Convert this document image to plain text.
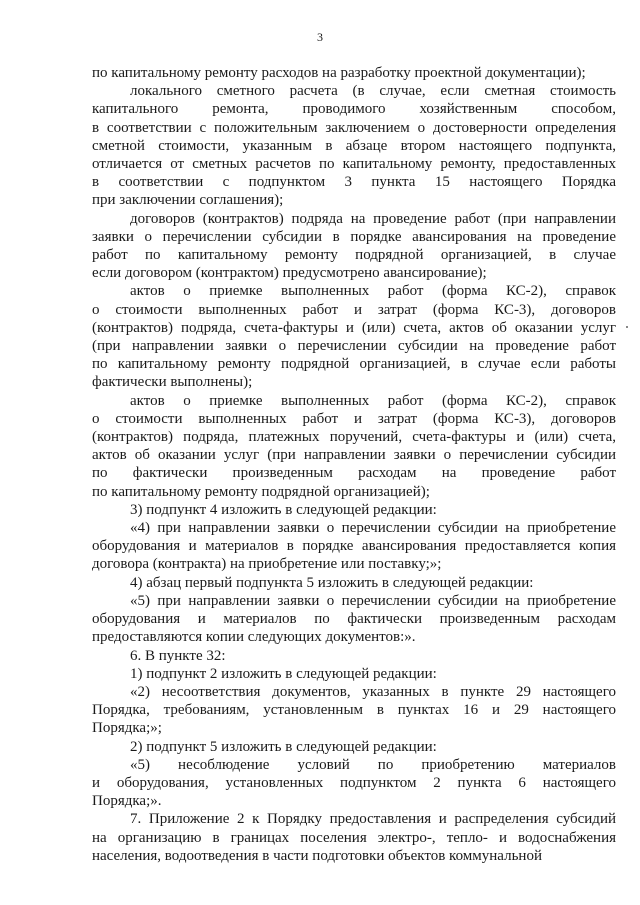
3
по капитальному ремонту расходов на разработку проектной документации);
локального сметного расчета (в случае, если сметная стоимость
капитального ремонта, проводимого хозяйственным способом,
в соответствии с положительным заключением о достоверности определения
сметной стоимости, указанным в абзаце втором настоящего подпункта,
отличается от сметных расчетов по капитальному ремонту, предоставленных
в соответствии с подпунктом 3 пункта 15 настоящего Порядка
при заключении соглашения);
договоров (контрактов) подряда на проведение работ (при направлении
заявки о перечислении субсидии в порядке авансирования на проведение
работ по капитальному ремонту подрядной организацией, в случае
если договором (контрактом) предусмотрено авансирование);
актов о приемке выполненных работ (форма КС-2), справок
о стоимости выполненных работ и затрат (форма КС-3), договоров
(контрактов) подряда, счета-фактуры и (или) счета, актов об оказании услуг
(при направлении заявки о перечислении субсидии на проведение работ
по капитальному ремонту подрядной организацией, в случае если работы
фактически выполнены);
актов о приемке выполненных работ (форма КС-2), справок
о стоимости выполненных работ и затрат (форма КС-3), договоров
(контрактов) подряда, платежных поручений, счета-фактуры и (или) счета,
актов об оказании услуг (при направлении заявки о перечислении субсидии
по фактически произведенным расходам на проведение работ
по капитальному ремонту подрядной организацией);
3) подпункт 4 изложить в следующей редакции:
«4) при направлении заявки о перечислении субсидии на приобретение
оборудования и материалов в порядке авансирования предоставляется копия
договора (контракта) на приобретение или поставку;»;
4) абзац первый подпункта 5 изложить в следующей редакции:
«5) при направлении заявки о перечислении субсидии на приобретение
оборудования и материалов по фактически произведенным расходам
предоставляются копии следующих документов:».
6. В пункте 32:
1) подпункт 2 изложить в следующей редакции:
«2) несоответствия документов, указанных в пункте 29 настоящего
Порядка, требованиям, установленным в пунктах 16 и 29 настоящего
Порядка;»;
2) подпункт 5 изложить в следующей редакции:
«5) несоблюдение условий по приобретению материалов
и оборудования, установленных подпунктом 2 пункта 6 настоящего
Порядка;».
7. Приложение 2 к Порядку предоставления и распределения субсидий
на организацию в границах поселения электро-, тепло- и водоснабжения
населения, водоотведения в части подготовки объектов коммунальной
